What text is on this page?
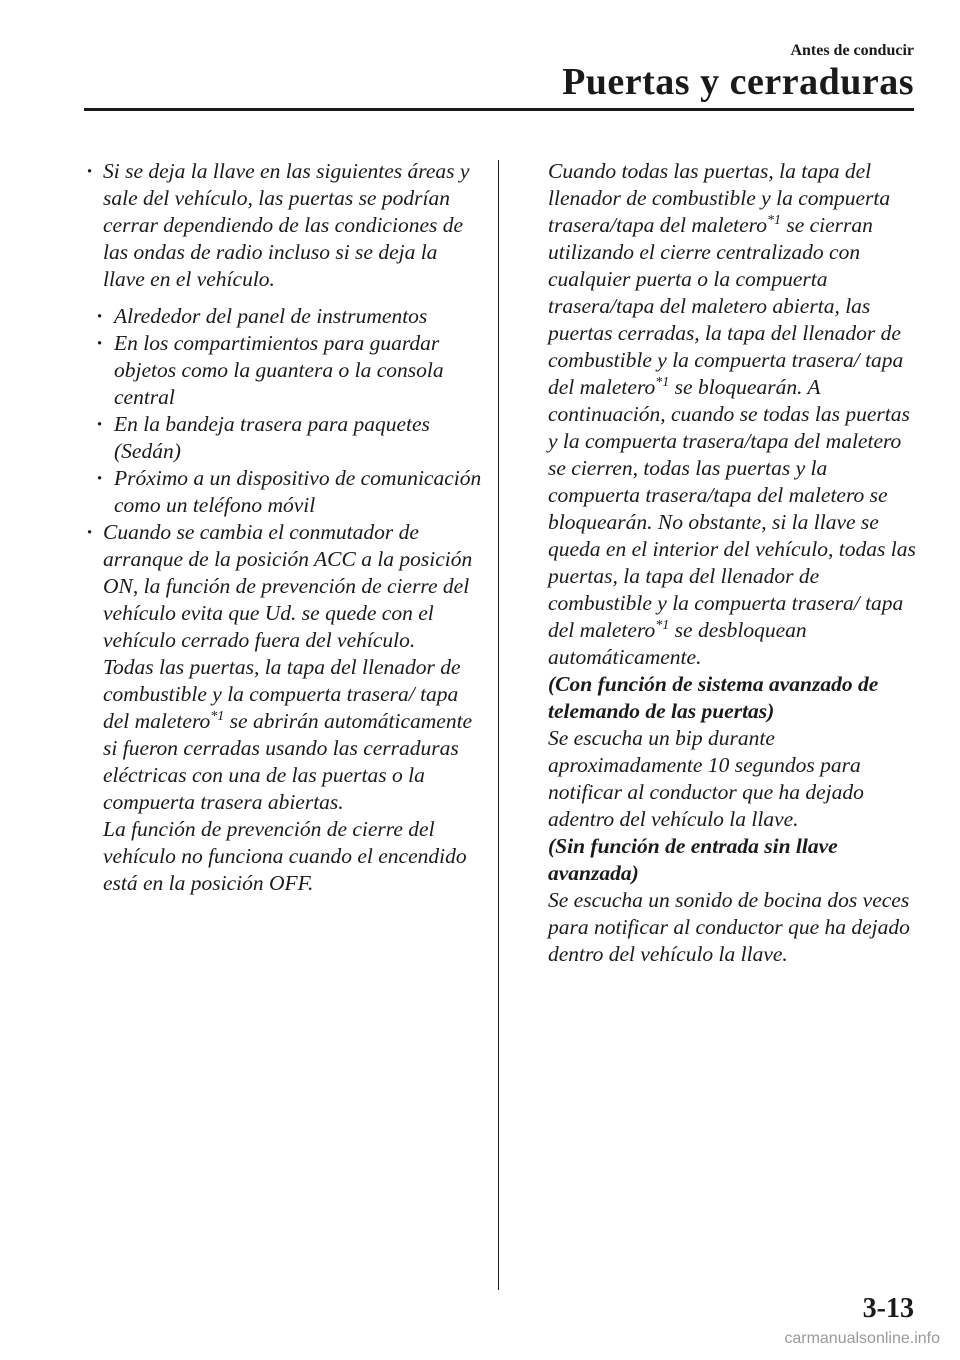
Antes de conducir
Puertas y cerraduras

· Si se deja la llave en las siguientes áreas y sale del vehículo, las puertas se podrían cerrar dependiendo de las condiciones de las ondas de radio incluso si se deja la llave en el vehículo.

· Alrededor del panel de instrumentos

· En los compartimientos para guardar objetos como la guantera o la consola central

· En la bandeja trasera para paquetes (Sedán)

· Próximo a un dispositivo de comunicación como un teléfono móvil

· Cuando se cambia el conmutador de arranque de la posición ACC a la posición ON, la función de prevención de cierre del vehículo evita que Ud. se quede con el vehículo cerrado fuera del vehículo.

Todas las puertas, la tapa del llenador de combustible y la compuerta trasera/ tapa del maletero$^{*1}$ se abrirán automáticamente si fueron cerradas usando las cerraduras eléctricas con una de las puertas o la compuerta trasera abiertas.

La función de prevención de cierre del vehículo no funciona cuando el encendido está en la posición OFF.

Cuando todas las puertas, la tapa del llenador de combustible y la compuerta trasera/tapa del maletero$^{*1}$ se cierran utilizando el cierre centralizado con cualquier puerta o la compuerta trasera/tapa del maletero abierta, las puertas cerradas, la tapa del llenador de combustible y la compuerta trasera/ tapa del maletero$^{*1}$ se bloquearán. A continuación, cuando se todas las puertas y la compuerta trasera/tapa del maletero se cierren, todas las puertas y la compuerta trasera/tapa del maletero se bloquearán. No obstante, si la llave se queda en el interior del vehículo, todas las puertas, la tapa del llenador de combustible y la compuerta trasera/ tapa del maletero$^{*1}$ se desbloquean automáticamente.

(Con función de sistema avanzado de telemando de las puertas)

Se escucha un bip durante aproximadamente 10 segundos para notificar al conductor que ha dejado adentro del vehículo la llave.

(Sin función de entrada sin llave avanzada)

Se escucha un sonido de bocina dos veces para notificar al conductor que ha dejado dentro del vehículo la llave.

3-13
carmanualsonline.info
